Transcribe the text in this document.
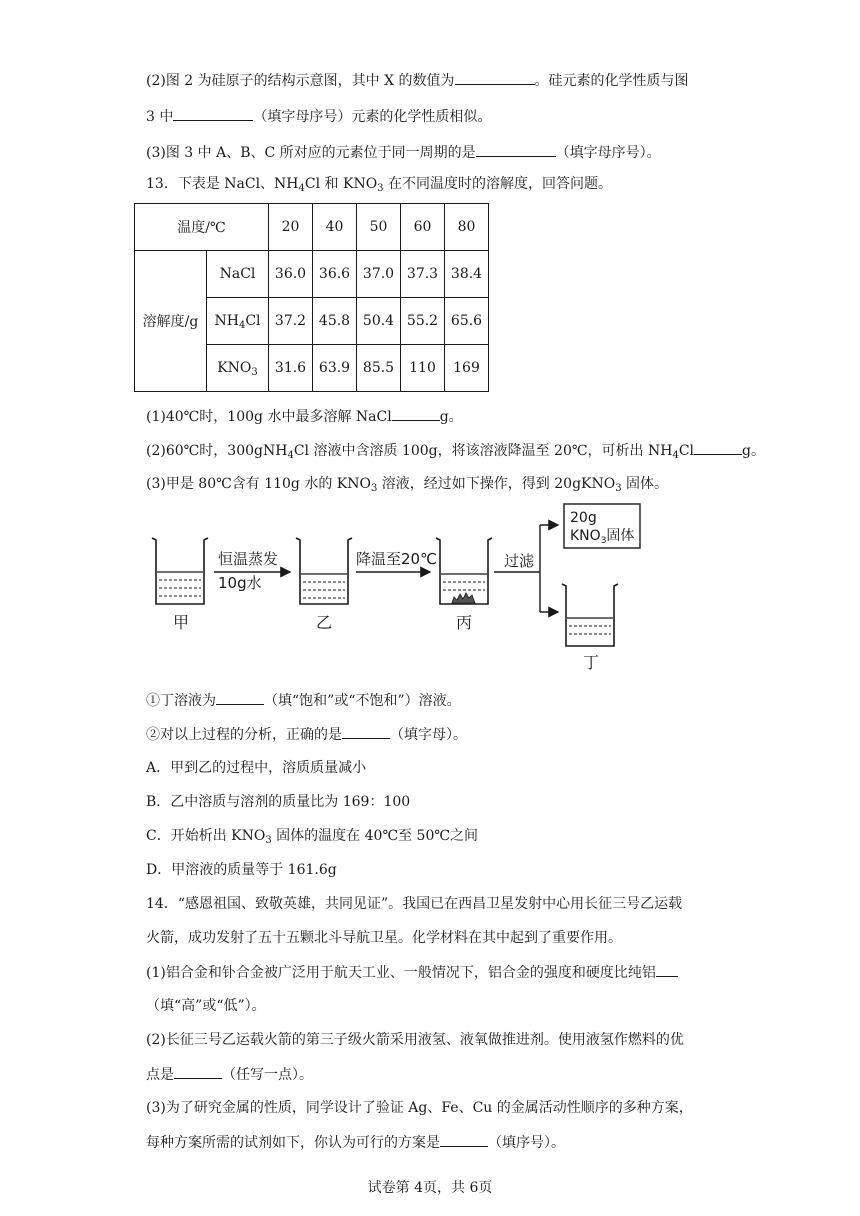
(2)图 2 为硅原子的结构示意图，其中 X 的数值为	。硅元素的化学性质与图
3 中	（填字母序号）元素的化学性质相似。
(3)图 3 中 A、B、C 所对应的元素位于同一周期的是	（填字母序号）。
13．下表是 NaCl、$NH_4Cl$ 和 $KNO_3$ 在不同温度时的溶解度，回答问题。
温度/℃		20	40	50	60	80
溶解度/g	NaCl	36.0	36.6	37.0	37.3	38.4
	$NH_4Cl$	37.2	45.8	50.4	55.2	65.6
	$KNO_3$	31.6	63.9	85.5	110	169
(1)40℃时，100g 水中最多溶解 NaCl	g。
(2)60℃时，300gNH$_4$Cl 溶液中含溶质 100g，将该溶液降温至 20℃，可析出 $NH_4Cl$	g。
(3)甲是 80℃含有 110g 水的 $KNO_3$ 溶液，经过如下操作，得到 20gKNO$_3$ 固体。
恒温蒸发
10g水
降温至20℃	过滤
20g
$KNO_3$固体
甲	乙	丙
丁
①丁溶液为	（填“饱和”或“不饱和”）溶液。
②对以上过程的分析，正确的是	（填字母）。
A．甲到乙的过程中，溶质质量减小
B．乙中溶质与溶剂的质量比为 169：100
C．开始析出 $KNO_3$ 固体的温度在 40℃至 50℃之间
D．甲溶液的质量等于 161.6g
14．“感恩祖国、致敬英雄，共同见证”。我国已在西昌卫星发射中心用长征三号乙运载
火箭，成功发射了五十五颗北斗导航卫星。化学材料在其中起到了重要作用。
(1)铝合金和钋合金被广泛用于航天工业、一般情况下，铝合金的强度和硬度比纯铝
（填“高”或“低”）。
(2)长征三号乙运载火箭的第三子级火箭采用液氢、液氧做推进剂。使用液氢作燃料的优
点是	（任写一点）。
(3)为了研究金属的性质，同学设计了验证 Ag、Fe、Cu 的金属活动性顺序的多种方案，
每种方案所需的试剂如下，你认为可行的方案是	（填序号）。
试卷第 4页，共 6页
